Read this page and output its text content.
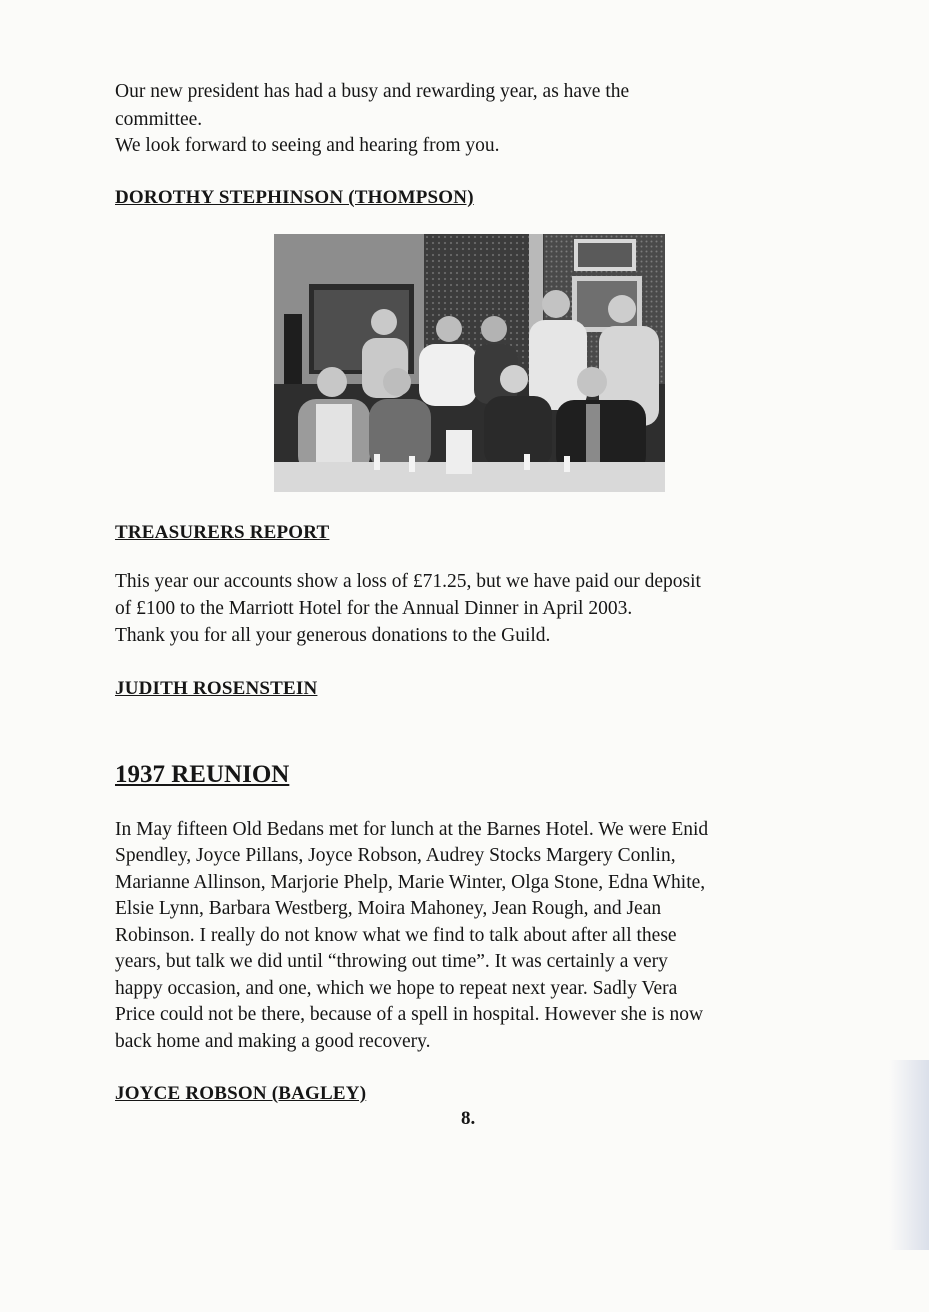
Our new president has had a busy and rewarding year, as have the

committee.

We look forward to seeing and hearing from you.

DOROTHY STEPHINSON (THOMPSON)

TREASURERS REPORT

This year our accounts show a loss of £71.25, but we have paid our deposit

of £100 to the Marriott Hotel for the Annual Dinner in April 2003.

Thank you for all your generous donations to the Guild.

JUDITH ROSENSTEIN

1937 REUNION

In May fifteen Old Bedans met for lunch at the Barnes Hotel. We were Enid

Spendley, Joyce Pillans, Joyce Robson, Audrey Stocks Margery Conlin,

Marianne Allinson, Marjorie Phelp, Marie Winter, Olga Stone, Edna White,

Elsie Lynn, Barbara Westberg, Moira Mahoney, Jean Rough, and Jean

Robinson. I really do not know what we find to talk about after all these

years, but talk we did until “throwing out time”. It was certainly a very

happy occasion, and one, which we hope to repeat next year. Sadly Vera

Price could not be there, because of a spell in hospital. However she is now

back home and making a good recovery.

JOYCE ROBSON (BAGLEY)

8.
